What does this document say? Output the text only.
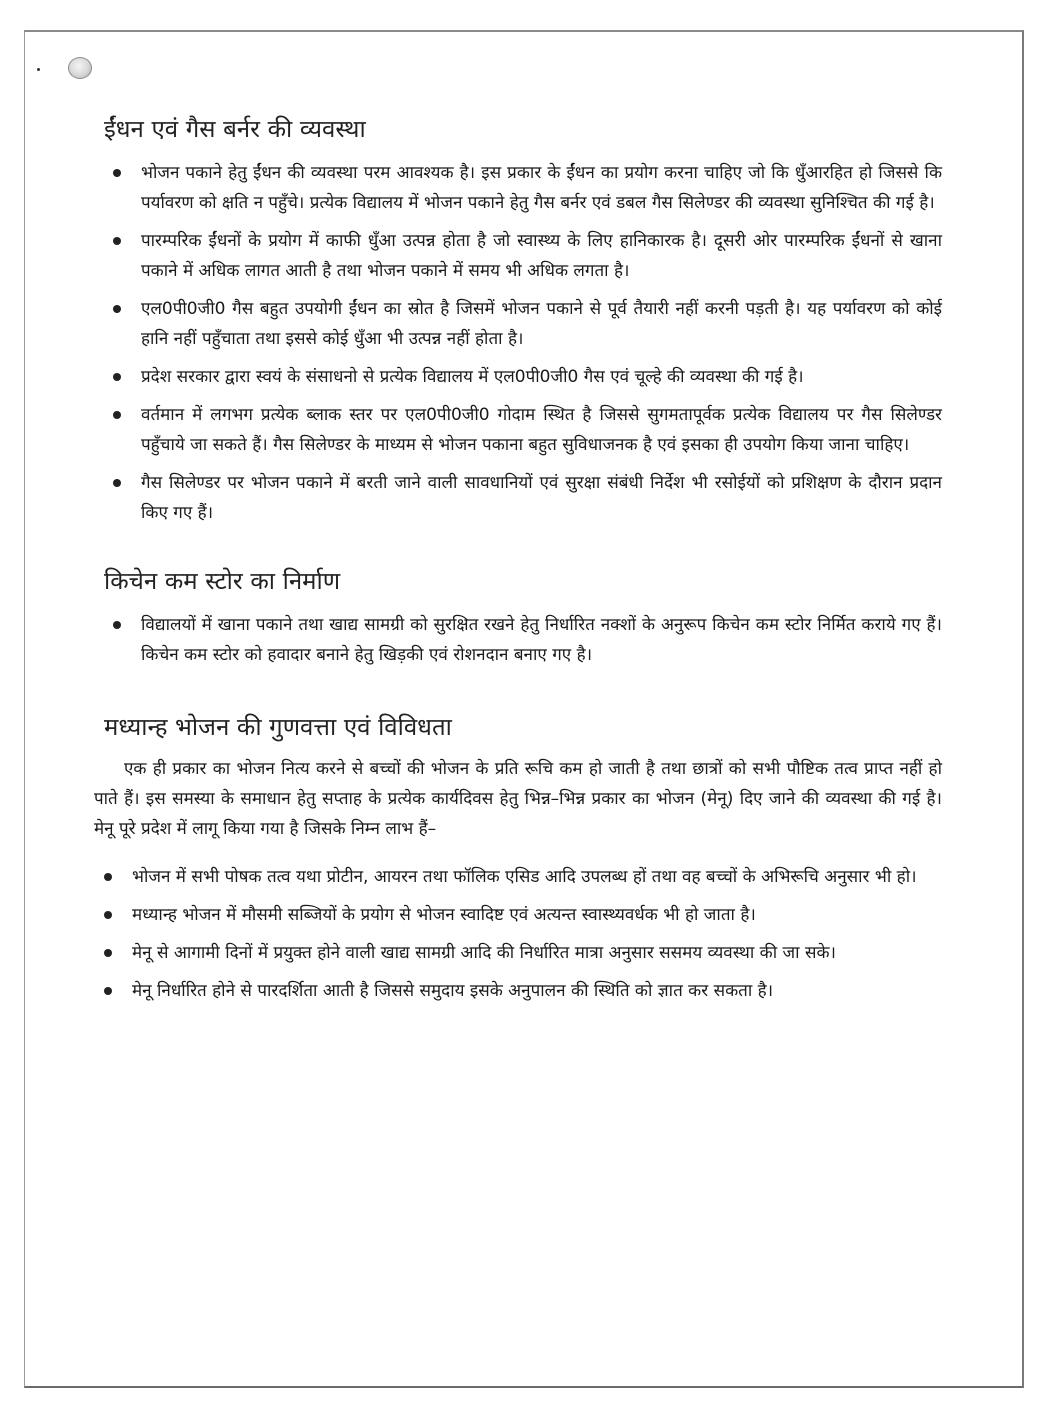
ईंधन एवं गैस बर्नर की व्यवस्था
भोजन पकाने हेतु ईंधन की व्यवस्था परम आवश्यक है। इस प्रकार के ईंधन का प्रयोग करना चाहिए जो कि धुँआरहित हो जिससे कि पर्यावरण को क्षति न पहुँचे। प्रत्येक विद्यालय में भोजन पकाने हेतु गैस बर्नर एवं डबल गैस सिलेण्डर की व्यवस्था सुनिश्चित की गई है।
पारम्परिक ईंधनों के प्रयोग में काफी धुँआ उत्पन्न होता है जो स्वास्थ्य के लिए हानिकारक है। दूसरी ओर पारम्परिक ईंधनों से खाना पकाने में अधिक लागत आती है तथा भोजन पकाने में समय भी अधिक लगता है।
एल0पी0जी0 गैस बहुत उपयोगी ईंधन का स्रोत है जिसमें भोजन पकाने से पूर्व तैयारी नहीं करनी पड़ती है। यह पर्यावरण को कोई हानि नहीं पहुँचाता तथा इससे कोई धुँआ भी उत्पन्न नहीं होता है।
प्रदेश सरकार द्वारा स्वयं के संसाधनो से प्रत्येक विद्यालय में एल0पी0जी0 गैस एवं चूल्हे की व्यवस्था की गई है।
वर्तमान में लगभग प्रत्येक ब्लाक स्तर पर एल0पी0जी0 गोदाम स्थित है जिससे सुगमतापूर्वक प्रत्येक विद्यालय पर गैस सिलेण्डर पहुँचाये जा सकते हैं। गैस सिलेण्डर के माध्यम से भोजन पकाना बहुत सुविधाजनक है एवं इसका ही उपयोग किया जाना चाहिए।
गैस सिलेण्डर पर भोजन पकाने में बरती जाने वाली सावधानियों एवं सुरक्षा संबंधी निर्देश भी रसोईयों को प्रशिक्षण के दौरान प्रदान किए गए हैं।
किचेन कम स्टोर का निर्माण
विद्यालयों में खाना पकाने तथा खाद्य सामग्री को सुरक्षित रखने हेतु निर्धारित नक्शों के अनुरूप किचेन कम स्टोर निर्मित कराये गए हैं। किचेन कम स्टोर को हवादार बनाने हेतु खिड़की एवं रोशनदान बनाए गए है।
मध्यान्ह भोजन की गुणवत्ता एवं विविधता

एक ही प्रकार का भोजन नित्य करने से बच्चों की भोजन के प्रति रूचि कम हो जाती है तथा छात्रों को सभी पौष्टिक तत्व प्राप्त नहीं हो पाते हैं। इस समस्या के समाधान हेतु सप्ताह के प्रत्येक कार्यदिवस हेतु भिन्न–भिन्न प्रकार का भोजन (मेनू) दिए जाने की व्यवस्था की गई है। मेनू पूरे प्रदेश में लागू किया गया है जिसके निम्न लाभ हैं–

भोजन में सभी पोषक तत्व यथा प्रोटीन, आयरन तथा फॉलिक एसिड आदि उपलब्ध हों तथा वह बच्चों के अभिरूचि अनुसार भी हो।
मध्यान्ह भोजन में मौसमी सब्जियों के प्रयोग से भोजन स्वादिष्ट एवं अत्यन्त स्वास्थ्यवर्धक भी हो जाता है।
मेनू से आगामी दिनों में प्रयुक्त होने वाली खाद्य सामग्री आदि की निर्धारित मात्रा अनुसार ससमय व्यवस्था की जा सके।
मेनू निर्धारित होने से पारदर्शिता आती है जिससे समुदाय इसके अनुपालन की स्थिति को ज्ञात कर सकता है।
